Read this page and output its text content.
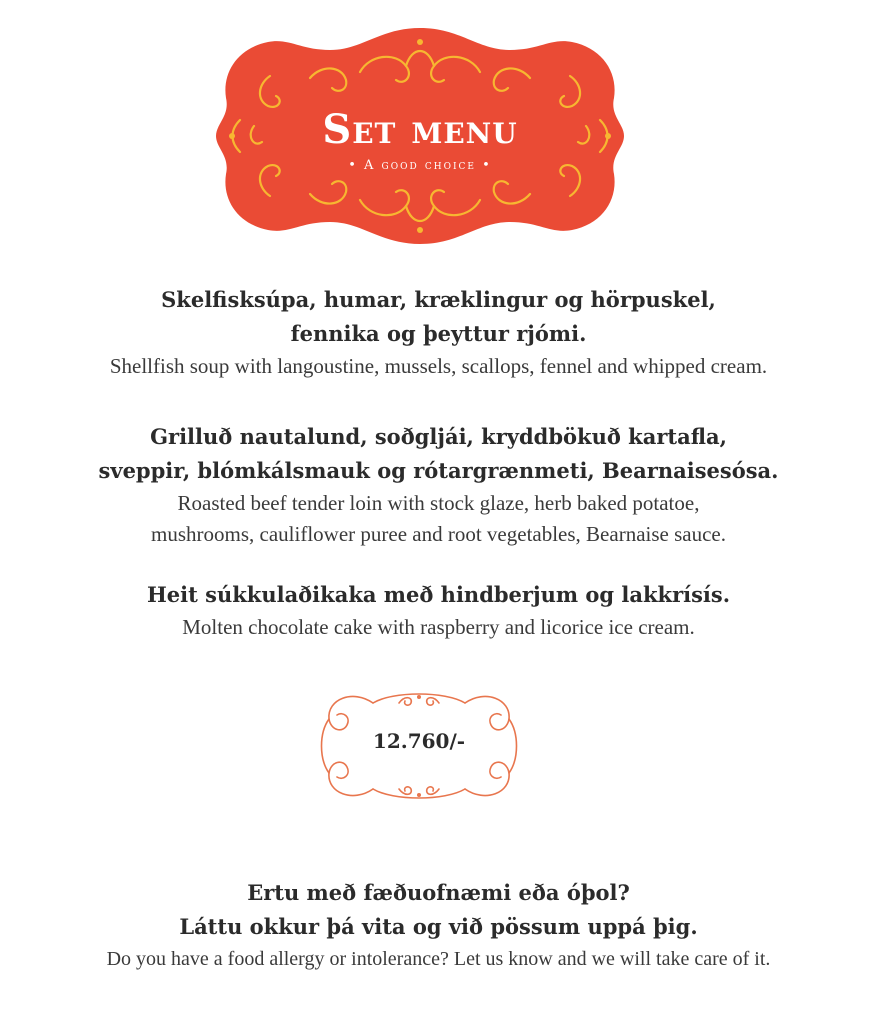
Set menu
• A good choice •

Skelfisksúpa, humar, kræklingur og hörpuskel,

fennika og þeyttur rjómi.

Shellfish soup with langoustine, mussels, scallops, fennel and whipped cream.

Grilluð nautalund, soðgljái, kryddbökuð kartafla,

sveppir, blómkálsmauk og rótargrænmeti, Bearnaisesósa.

Roasted beef tender loin with stock glaze, herb baked potatoe,

mushrooms, cauliflower puree and root vegetables, Bearnaise sauce.

Heit súkkulaðikaka með hindberjum og lakkrísís.

Molten chocolate cake with raspberry and licorice ice cream.

12.760/-

Ertu með fæðuofnæmi eða óþol?

Láttu okkur þá vita og við pössum uppá þig.

Do you have a food allergy or intolerance? Let us know and we will take care of it.
